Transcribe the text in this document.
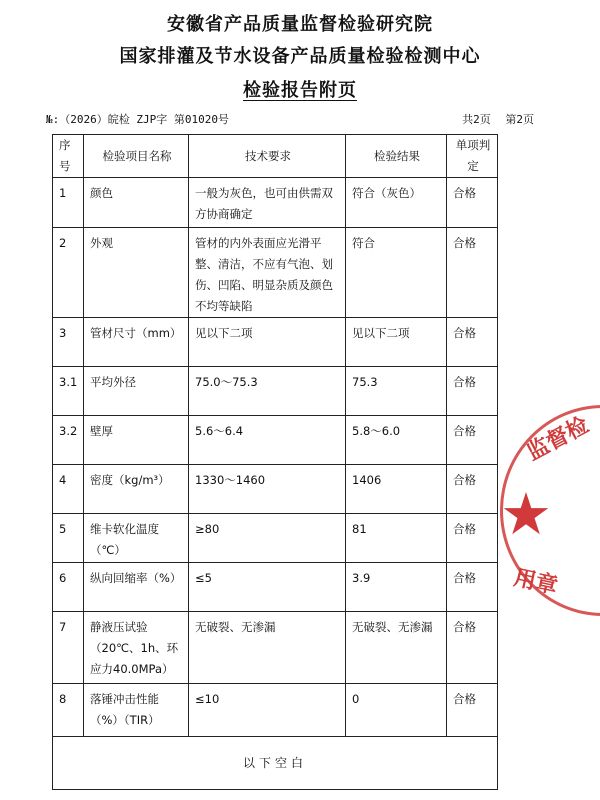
安徽省产品质量监督检验研究院
国家排灌及节水设备产品质量检验检测中心
检验报告附页
№:（2026）皖检 ZJP字 第01020号	共2页 第2页
序号	检验项目名称	技术要求	检验结果	单项判定
1	颜色	一般为灰色，也可由供需双方协商确定	符合（灰色）	合格
2	外观	管材的内外表面应光滑平整、清洁，不应有气泡、划伤、凹陷、明显杂质及颜色不均等缺陷	符合	合格
3	管材尺寸（mm）	见以下二项	见以下二项	合格
3.1	平均外径	75.0～75.3	75.3	合格
3.2	壁厚	5.6～6.4	5.8～6.0	合格
4	密度（kg/m³）	1330～1460	1406	合格
5	维卡软化温度（℃）	≥80	81	合格
6	纵向回缩率（%）	≤5	3.9	合格
7	静液压试验（20℃、1h、环应力40.0MPa）	无破裂、无渗漏	无破裂、无渗漏	合格
8	落锤冲击性能（%）（TIR）	≤10	0	合格
以下空白				
★
监督检
用章
